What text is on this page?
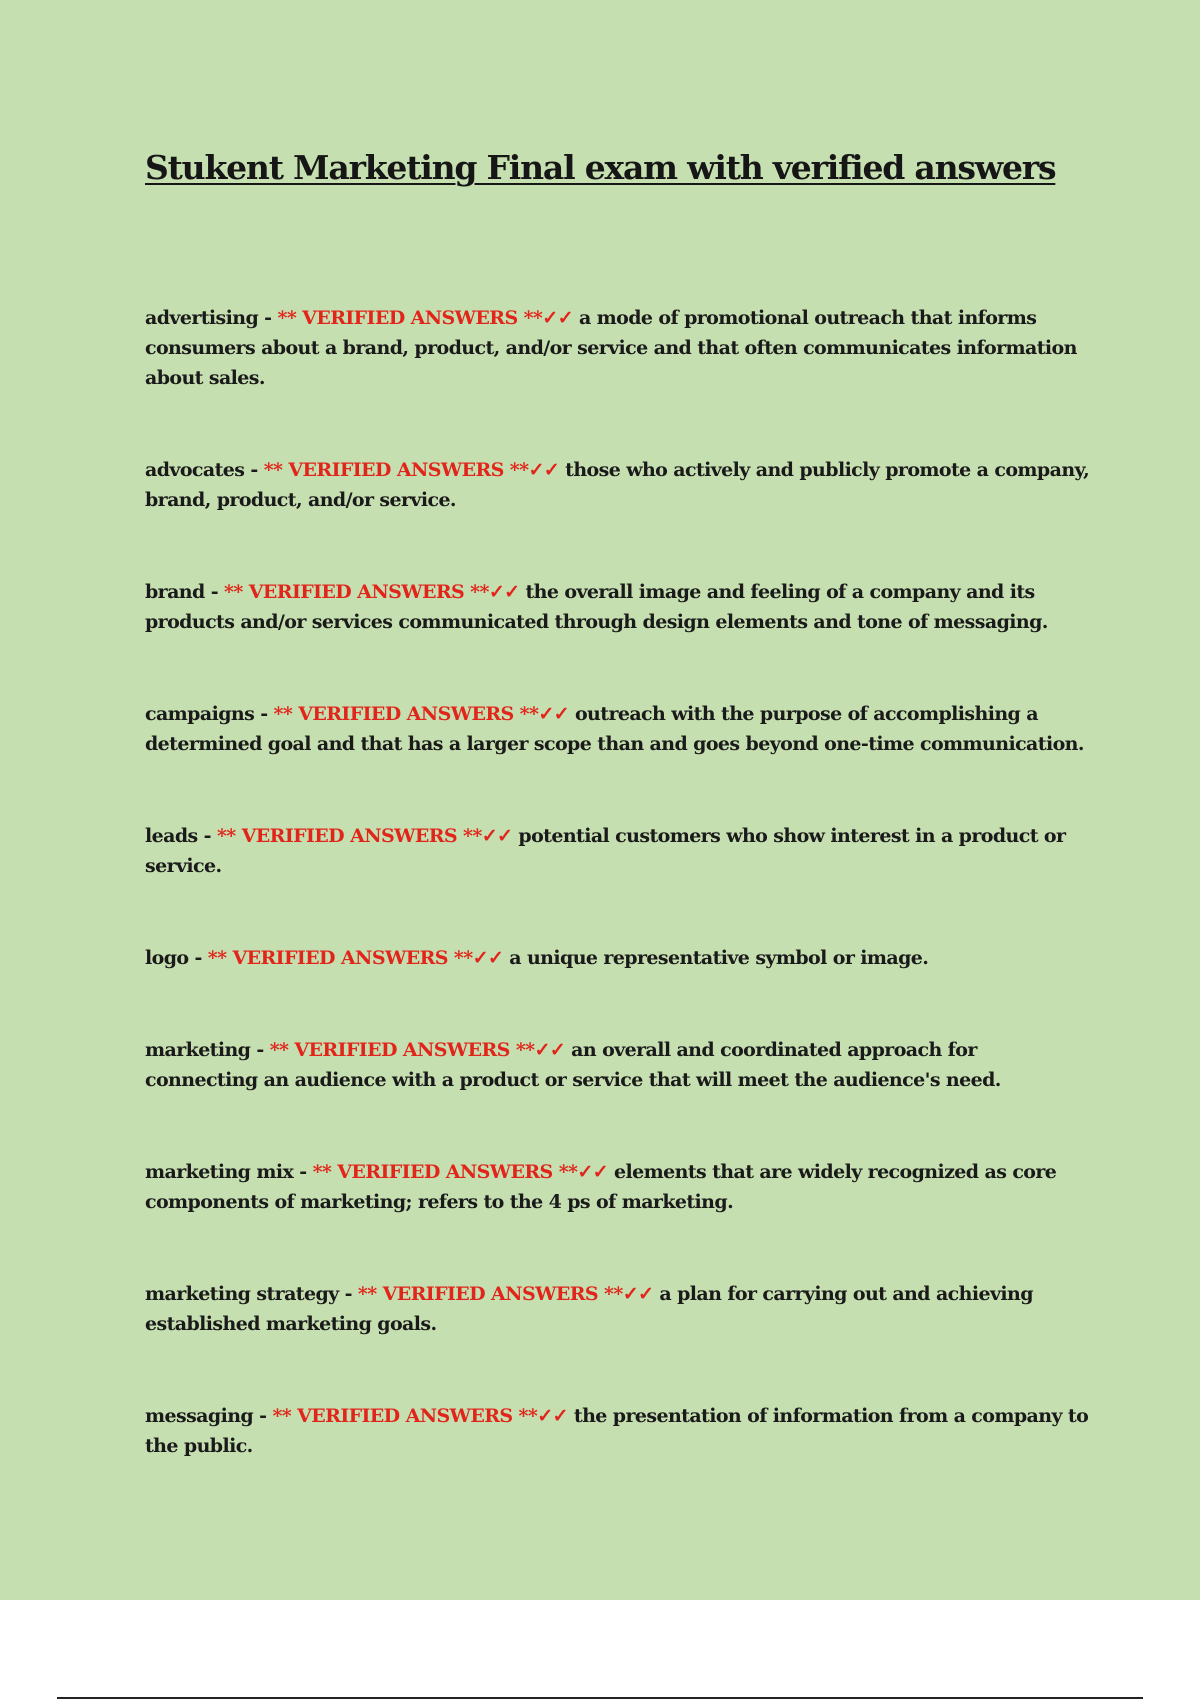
Stukent Marketing Final exam with verified answers

advertising - ** VERIFIED ANSWERS **✓✓ a mode of promotional outreach that informs consumers about a brand, product, and/or service and that often communicates information about sales.

advocates - ** VERIFIED ANSWERS **✓✓ those who actively and publicly promote a company, brand, product, and/or service.

brand - ** VERIFIED ANSWERS **✓✓ the overall image and feeling of a company and its products and/or services communicated through design elements and tone of messaging.

campaigns - ** VERIFIED ANSWERS **✓✓ outreach with the purpose of accomplishing a determined goal and that has a larger scope than and goes beyond one-time communication.

leads - ** VERIFIED ANSWERS **✓✓ potential customers who show interest in a product or service.

logo - ** VERIFIED ANSWERS **✓✓ a unique representative symbol or image.

marketing - ** VERIFIED ANSWERS **✓✓ an overall and coordinated approach for connecting an audience with a product or service that will meet the audience's need.

marketing mix - ** VERIFIED ANSWERS **✓✓ elements that are widely recognized as core components of marketing; refers to the 4 ps of marketing.

marketing strategy - ** VERIFIED ANSWERS **✓✓ a plan for carrying out and achieving established marketing goals.

messaging - ** VERIFIED ANSWERS **✓✓ the presentation of information from a company to the public.
